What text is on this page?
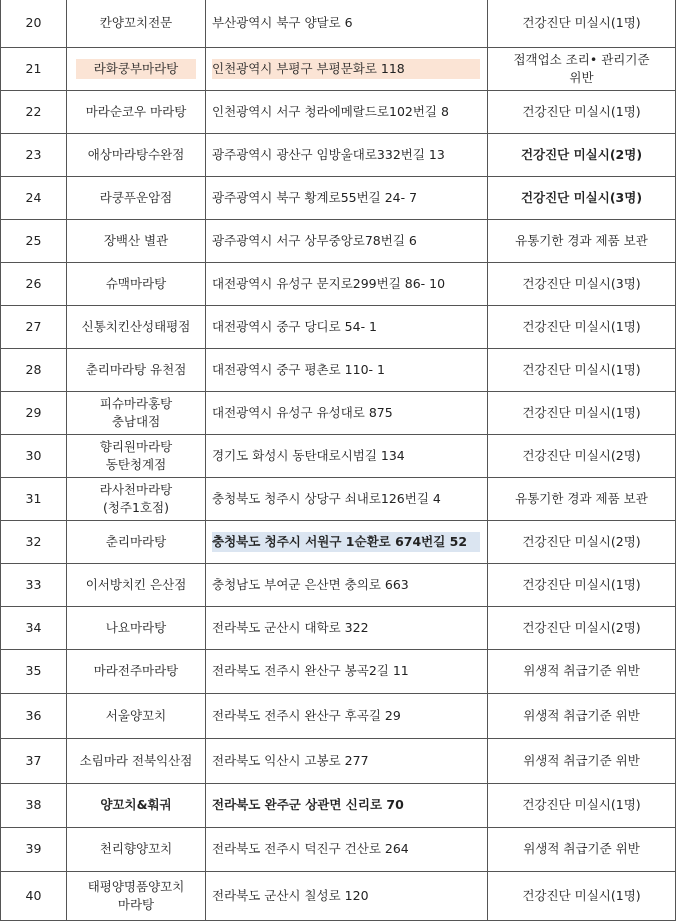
20	칸양꼬치전문	부산광역시 북구 양달로 6	건강진단 미실시(1명)

21	라화쿵부마라탕	인천광역시 부평구 부평문화로 118	접객업소 조리• 관리기준
위반

22	마라순코우 마라탕	인천광역시 서구 청라에메랄드로102번길 8	건강진단 미실시(1명)

23	애상마라탕수완점	광주광역시 광산구 임방울대로332번길 13	건강진단 미실시(2명)

24	라쿵푸운암점	광주광역시 북구 황계로55번길 24- 7	건강진단 미실시(3명)

25	장백산 별관	광주광역시 서구 상무중앙로78번길 6	유통기한 경과 제품 보관

26	슈맥마라탕	대전광역시 유성구 문지로299번길 86- 10	건강진단 미실시(3명)

27	신통치킨산성태평점	대전광역시 중구 당디로 54- 1	건강진단 미실시(1명)

28	춘리마라탕 유천점	대전광역시 중구 평촌로 110- 1	건강진단 미실시(1명)

29	피슈마라홍탕
충남대점	대전광역시 유성구 유성대로 875	건강진단 미실시(1명)

30	향리원마라탕
동탄청계점	경기도 화성시 동탄대로시범길 134	건강진단 미실시(2명)

31	라사천마라탕
(청주1호점)	충청북도 청주시 상당구 쇠내로126번길 4	유통기한 경과 제품 보관

32	춘리마라탕	충청북도 청주시 서원구 1순환로 674번길 52	건강진단 미실시(2명)

33	이서방치킨 은산점	충청남도 부여군 은산면 충의로 663	건강진단 미실시(1명)

34	나요마라탕	전라북도 군산시 대학로 322	건강진단 미실시(2명)

35	마라전주마라탕	전라북도 전주시 완산구 봉곡2길 11	위생적 취급기준 위반

36	서울양꼬치	전라북도 전주시 완산구 후곡길 29	위생적 취급기준 위반

37	소림마라 전북익산점	전라북도 익산시 고봉로 277	위생적 취급기준 위반

38	양꼬치&훠궈	전라북도 완주군 상관면 신리로 70	건강진단 미실시(1명)

39	천리향양꼬치	전라북도 전주시 덕진구 건산로 264	위생적 취급기준 위반

40	태평양명품양꼬치
마라탕	전라북도 군산시 칠성로 120	건강진단 미실시(1명)
